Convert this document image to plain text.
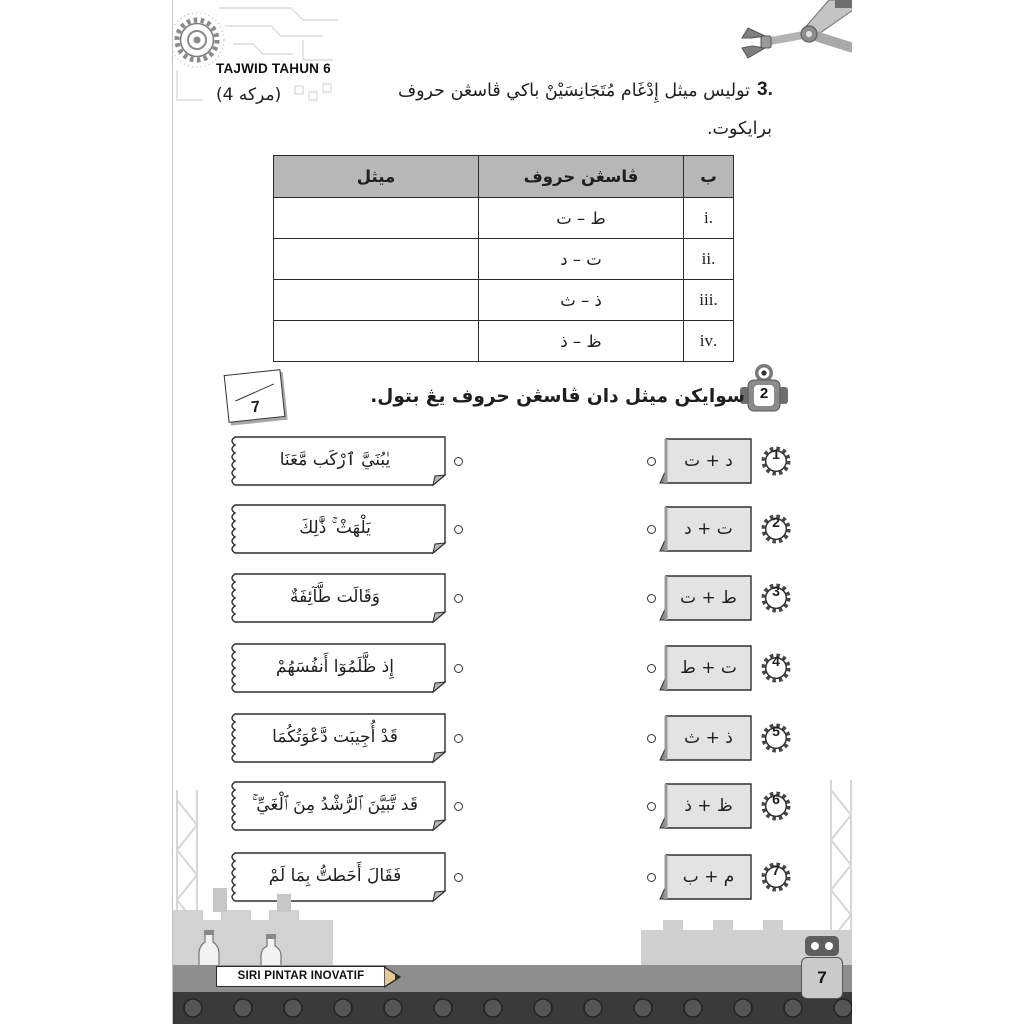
TAJWID TAHUN 6
(4 مركه)	3.
توليس ميثل إِدْغَام مُتَجَانِسَيْنْ باكي ڤاسڠن حروف
برايكوت.
ب	ڤاسڠن حروف	ميثل
.i	ت – ط	
.ii	د – ت	
.iii	ث – ذ	
.iv	ذ – ظ	
2
سوايكن ميثل دان ڤاسڠن حروف يڠ بتول.
7
يٰبُنَيَّ ٱرْكَب مَّعَنَا
يَلْهَثْ ۚ ذَّٰلِكَ
وَقَالَت طَّآئِفَةٌ
إِذ ظَّلَمُوٓا أَنفُسَهُمْ
قَدْ أُجِيبَت دَّعْوَتُكُمَا
قَد تَّبَيَّنَ ٱلرُّشْدُ مِنَ ٱلْغَيِّ ۚ
فَقَالَ أَحَطتُّ بِمَا لَمْ
ت + د
د + ت
ت + ط
ط + ت
ث + ذ
ذ + ظ
ب + م
1
2
3
4
5
6
7
SIRI PINTAR INOVATIF	7
